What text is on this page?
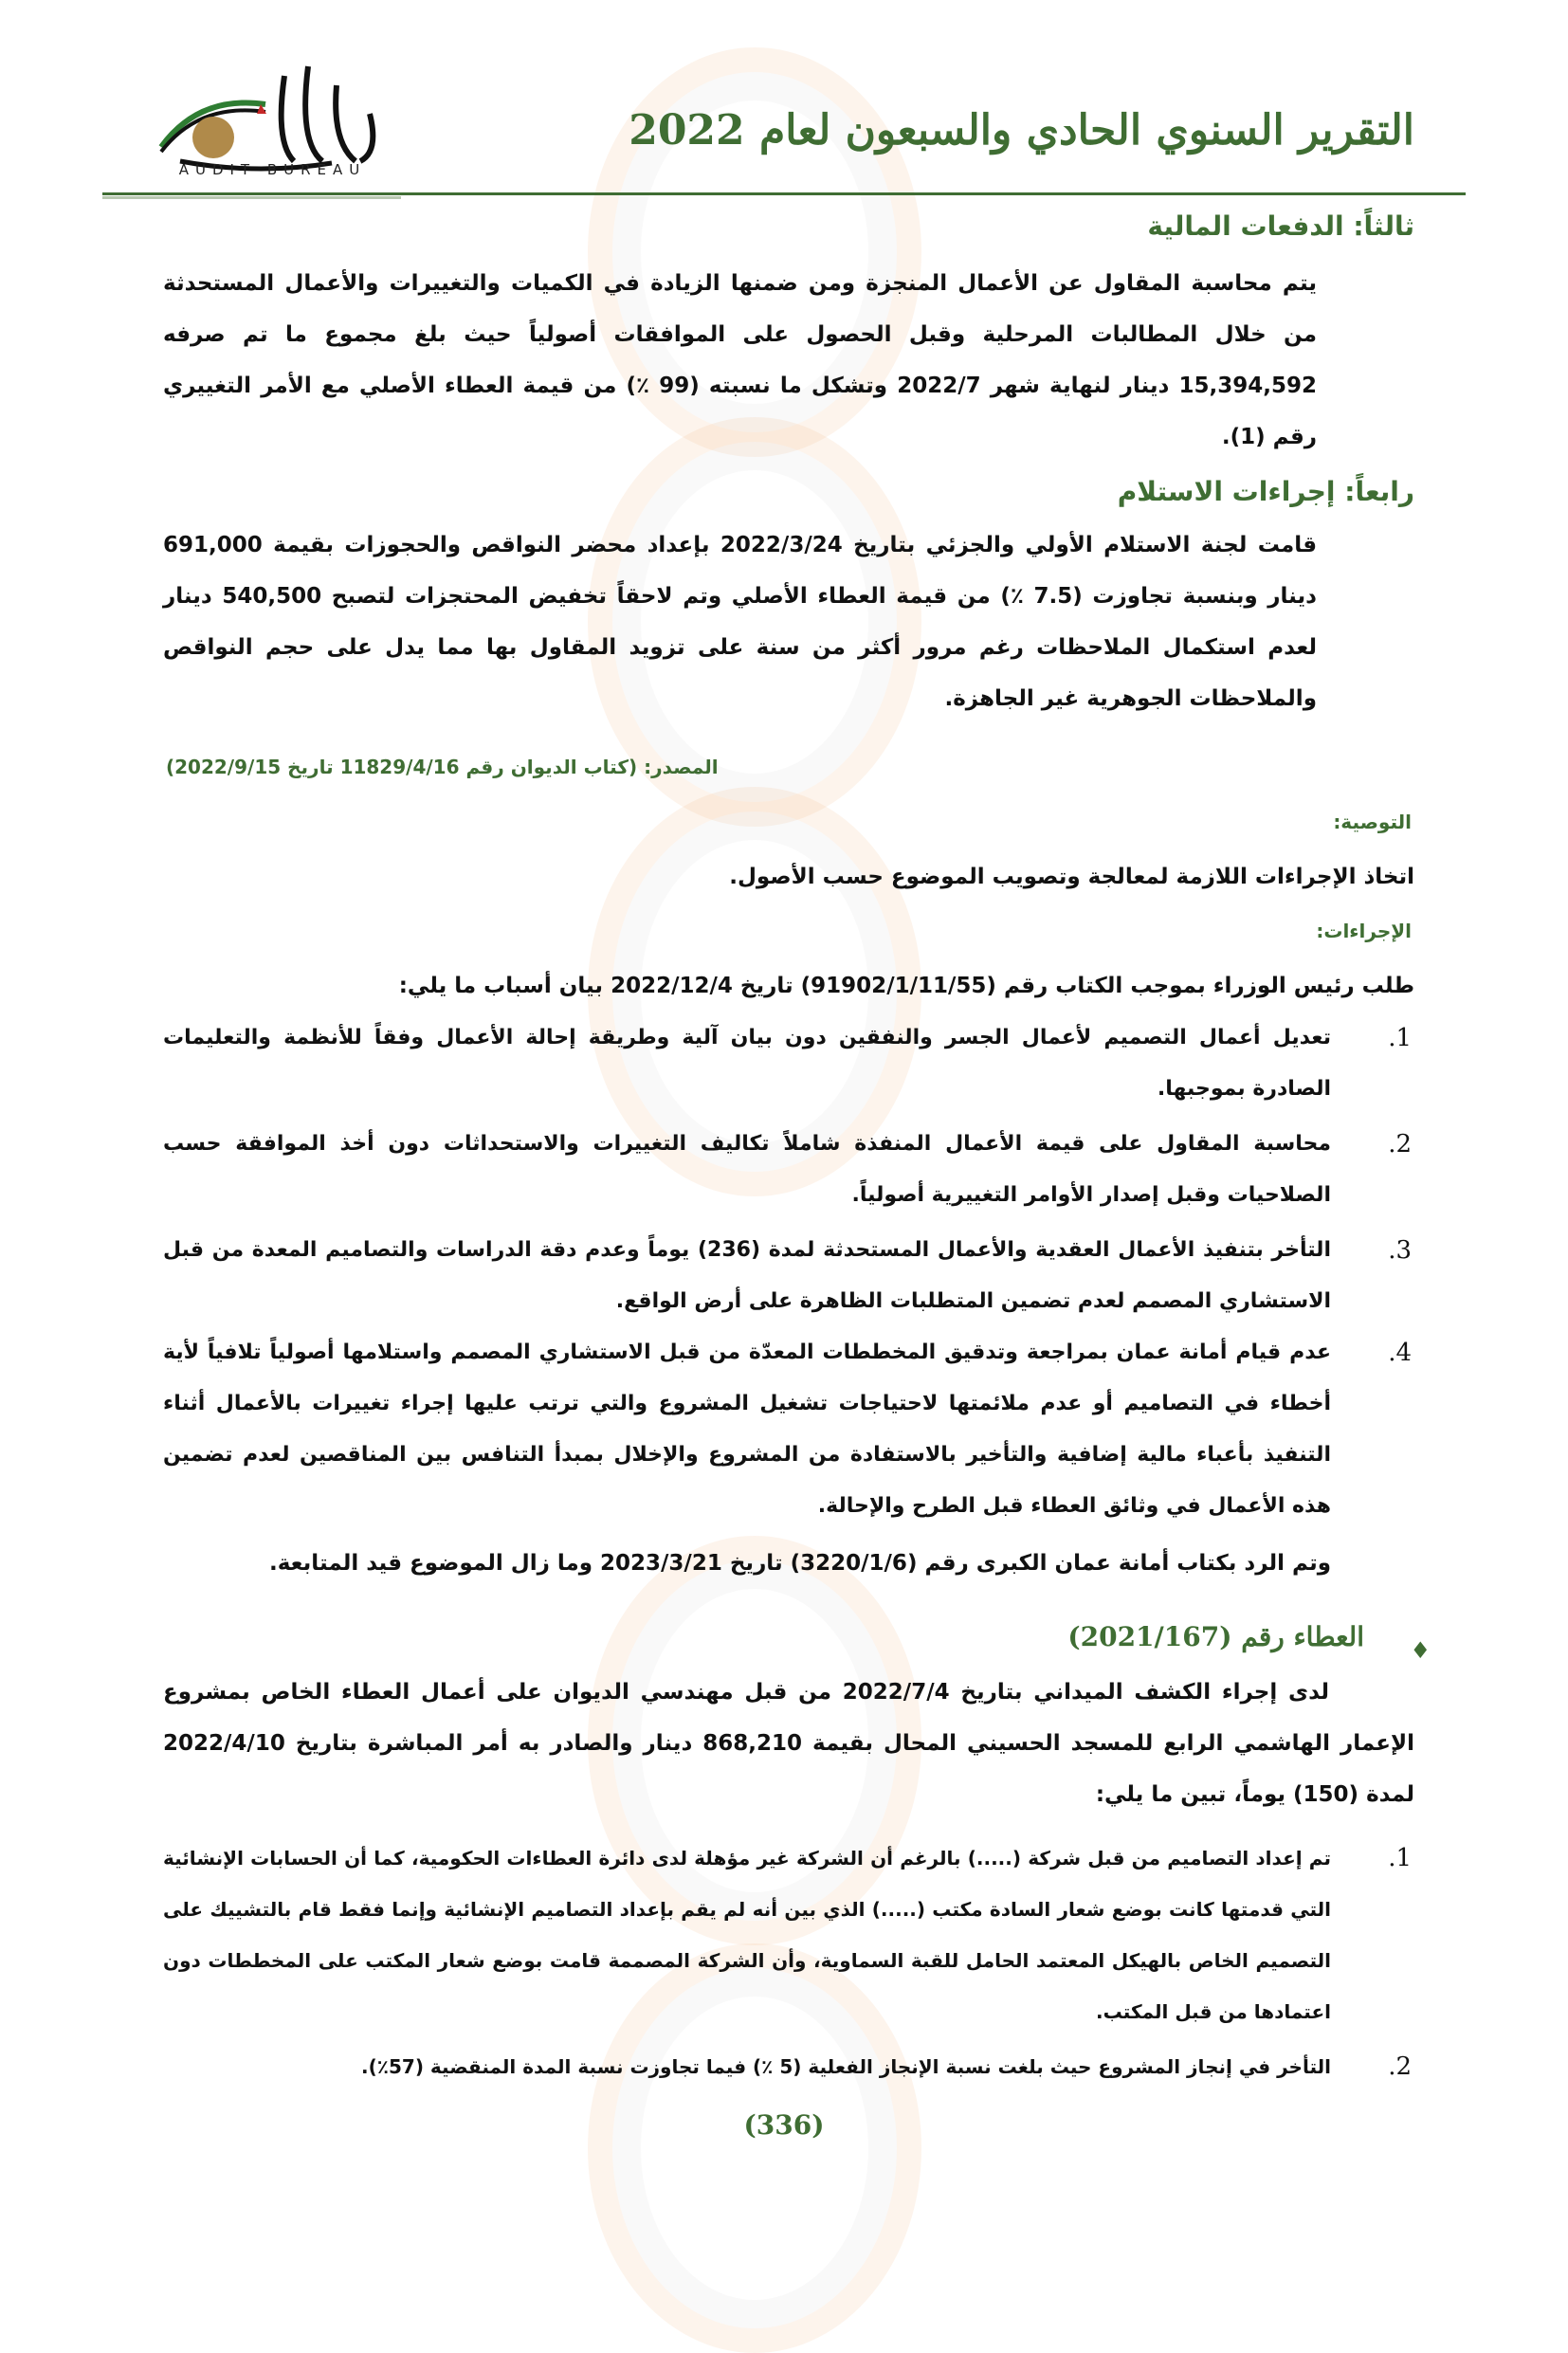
التقرير السنوي الحادي والسبعون لعام 2022
AUDIT BUREAU
ثالثاً: الدفعات المالية
يتم محاسبة المقاول عن الأعمال المنجزة ومن ضمنها الزيادة في الكميات والتغييرات والأعمال المستحدثة من خلال المطالبات المرحلية وقبل الحصول على الموافقات أصولياً حيث بلغ مجموع ما تم صرفه 15,394,592 دينار لنهاية شهر 2022/7 وتشكل ما نسبته (99 ٪) من قيمة العطاء الأصلي مع الأمر التغييري رقم (1).
رابعاً: إجراءات الاستلام
قامت لجنة الاستلام الأولي والجزئي بتاريخ 2022/3/24 بإعداد محضر النواقص والحجوزات بقيمة 691,000 دينار وبنسبة تجاوزت (7.5 ٪) من قيمة العطاء الأصلي وتم لاحقاً تخفيض المحتجزات لتصبح 540,500 دينار لعدم استكمال الملاحظات رغم مرور أكثر من سنة على تزويد المقاول بها مما يدل على حجم النواقص والملاحظات الجوهرية غير الجاهزة.
المصدر: (كتاب الديوان رقم 11829/4/16 تاريخ 2022/9/15)
التوصية:
اتخاذ الإجراءات اللازمة لمعالجة وتصويب الموضوع حسب الأصول.
الإجراءات:
طلب رئيس الوزراء بموجب الكتاب رقم (91902/1/11/55) تاريخ 2022/12/4 بيان أسباب ما يلي:
1.
تعديل أعمال التصميم لأعمال الجسر والنفقين دون بيان آلية وطريقة إحالة الأعمال وفقاً للأنظمة والتعليمات الصادرة بموجبها.
2.
محاسبة المقاول على قيمة الأعمال المنفذة شاملاً تكاليف التغييرات والاستحداثات دون أخذ الموافقة حسب الصلاحيات وقبل إصدار الأوامر التغييرية أصولياً.
3.
التأخر بتنفيذ الأعمال العقدية والأعمال المستحدثة لمدة (236) يوماً وعدم دقة الدراسات والتصاميم المعدة من قبل الاستشاري المصمم لعدم تضمين المتطلبات الظاهرة على أرض الواقع.
4.
عدم قيام أمانة عمان بمراجعة وتدقيق المخططات المعدّة من قبل الاستشاري المصمم واستلامها أصولياً تلافياً لأية أخطاء في التصاميم أو عدم ملائمتها لاحتياجات تشغيل المشروع والتي ترتب عليها إجراء تغييرات بالأعمال أثناء التنفيذ بأعباء مالية إضافية والتأخير بالاستفادة من المشروع والإخلال بمبدأ التنافس بين المناقصين لعدم تضمين هذه الأعمال في وثائق العطاء قبل الطرح والإحالة.
وتم الرد بكتاب أمانة عمان الكبرى رقم (3220/1/6) تاريخ 2023/3/21 وما زال الموضوع قيد المتابعة.
♦
العطاء رقم (2021/167)
لدى إجراء الكشف الميداني بتاريخ 2022/7/4 من قبل مهندسي الديوان على أعمال العطاء الخاص بمشروع الإعمار الهاشمي الرابع للمسجد الحسيني المحال بقيمة 868,210 دينار والصادر به أمر المباشرة بتاريخ 2022/4/10 لمدة (150) يوماً، تبين ما يلي:
1.
تم إعداد التصاميم من قبل شركة (.....) بالرغم أن الشركة غير مؤهلة لدى دائرة العطاءات الحكومية، كما أن الحسابات الإنشائية التي قدمتها كانت بوضع شعار السادة مكتب (.....) الذي بين أنه لم يقم بإعداد التصاميم الإنشائية وإنما فقط قام بالتشييك على التصميم الخاص بالهيكل المعتمد الحامل للقبة السماوية، وأن الشركة المصممة قامت بوضع شعار المكتب على المخططات دون اعتمادها من قبل المكتب.
2.
التأخر في إنجاز المشروع حيث بلغت نسبة الإنجاز الفعلية (5 ٪) فيما تجاوزت نسبة المدة المنقضية (57٪).
(336)
